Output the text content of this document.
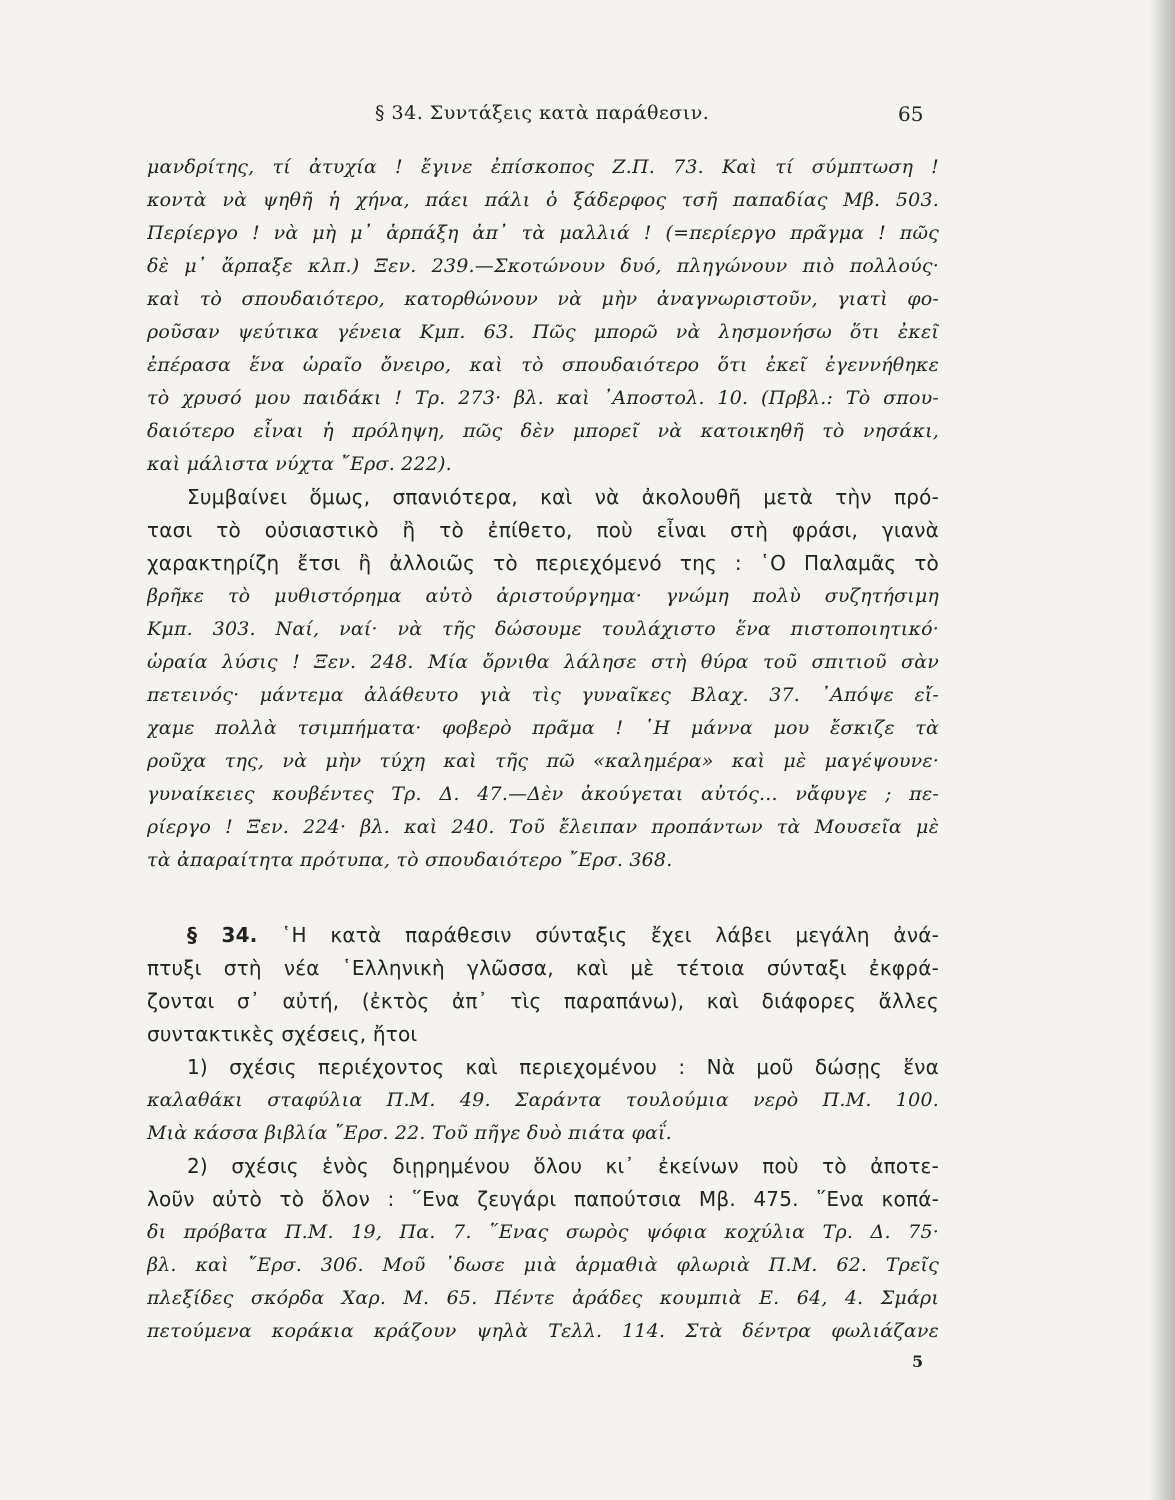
§ 34. Συντάξεις κατὰ παράθεσιν.	65
μανδρίτης, τί ἀτυχία ! ἔγινε ἐπίσκοπος Ζ.Π. 73. Καὶ τί σύμπτωση !
κοντὰ νὰ ψηθῆ ἡ χήνα, πάει πάλι ὁ ξάδερφος τσῆ παπαδίας Μβ. 503.
Περίεργο ! νὰ μὴ μ᾽ ἁρπάξη ἀπ᾽ τὰ μαλλιά ! (=περίεργο πρᾶγμα ! πῶς
δὲ μ᾽ ἅρπαξε κλπ.) Ξεν. 239.—Σκοτώνουν δυό, πληγώνουν πιὸ πολλούς·
καὶ τὸ σπουδαιότερο, κατορθώνουν νὰ μὴν ἀναγνωριστοῦν, γιατὶ φο-
ροῦσαν ψεύτικα γένεια Κμπ. 63. Πῶς μπορῶ νὰ λησμονήσω ὅτι ἐκεῖ
ἐπέρασα ἕνα ὡραῖο ὄνειρο, καὶ τὸ σπουδαιότερο ὅτι ἐκεῖ ἐγεννήθηκε
τὸ χρυσό μου παιδάκι ! Τρ. 273· βλ. καὶ ᾽Αποστολ. 10. (Πρβλ.: Τὸ σπου-
δαιότερο εἶναι ἡ πρόληψη, πῶς δὲν μπορεῖ νὰ κατοικηθῆ τὸ νησάκι,
καὶ μάλιστα νύχτα ῎Ερσ. 222).
Συμβαίνει ὅμως, σπανιότερα, καὶ νὰ ἀκολουθῆ μετὰ τὴν πρό-
τασι τὸ οὐσιαστικὸ ἢ τὸ ἐπίθετο, ποὺ εἶναι στὴ φράσι, γιανὰ
χαρακτηρίζη ἔτσι ἢ ἀλλοιῶς τὸ περιεχόμενό της : ῾Ο Παλαμᾶς τὸ
βρῆκε τὸ μυθιστόρημα αὐτὸ ἀριστούργημα· γνώμη πολὺ συζητήσιμη
Κμπ. 303. Ναί, ναί· νὰ τῆς δώσουμε τουλάχιστο ἕνα πιστοποιητικό·
ὡραία λύσις ! Ξεν. 248. Μία ὄρνιθα λάλησε στὴ θύρα τοῦ σπιτιοῦ σὰν
πετεινός· μάντεμα ἀλάθευτο γιὰ τὶς γυναῖκες Βλαχ. 37. ᾽Απόψε εἴ-
χαμε πολλὰ τσιμπήματα· φοβερὸ πρᾶμα ! ῾Η μάννα μου ἔσκιζε τὰ
ροῦχα της, νὰ μὴν τύχη καὶ τῆς πῶ «καλημέρα» καὶ μὲ μαγέψουνε·
γυναίκειες κουβέντες Τρ. Δ. 47.—Δὲν ἀκούγεται αὐτός... νἄφυγε ; πε-
ρίεργο ! Ξεν. 224· βλ. καὶ 240. Τοῦ ἔλειπαν προπάντων τὰ Μουσεῖα μὲ
τὰ ἀπαραίτητα πρότυπα, τὸ σπουδαιότερο ῎Ερσ. 368.
§ 34. ῾Η κατὰ παράθεσιν σύνταξις ἔχει λάβει μεγάλη ἀνά-
πτυξι στὴ νέα ῾Ελληνικὴ γλῶσσα, καὶ μὲ τέτοια σύνταξι ἐκφρά-
ζονται σ᾽ αὐτή, (ἐκτὸς ἀπ᾽ τὶς παραπάνω), καὶ διάφορες ἄλλες
συντακτικὲς σχέσεις, ἤτοι
1) σχέσις περιέχοντος καὶ περιεχομένου : Νὰ μοῦ δώσῃς ἕνα
καλαθάκι σταφύλια Π.Μ. 49. Σαράντα τουλούμια νερὸ Π.Μ. 100.
Μιὰ κάσσα βιβλία ῎Ερσ. 22. Τοῦ πῆγε δυὸ πιάτα φαΐ.
2) σχέσις ἑνὸς διῃρημένου ὅλου κι᾽ ἐκείνων ποὺ τὸ ἀποτε-
λοῦν αὐτὸ τὸ ὅλον : ῞Ενα ζευγάρι παπούτσια Μβ. 475. ῞Ενα κοπά-
δι πρόβατα Π.Μ. 19, Πα. 7. ῞Ενας σωρὸς ψόφια κοχύλια Τρ. Δ. 75·
βλ. καὶ ῎Ερσ. 306. Μοῦ ᾽δωσε μιὰ ἁρμαθιὰ φλωριὰ Π.Μ. 62. Τρεῖς
πλεξίδες σκόρδα Χαρ. Μ. 65. Πέντε ἀράδες κουμπιὰ Ε. 64, 4. Σμάρι
πετούμενα κοράκια κράζουν ψηλὰ Τελλ. 114. Στὰ δέντρα φωλιάζανε
5
